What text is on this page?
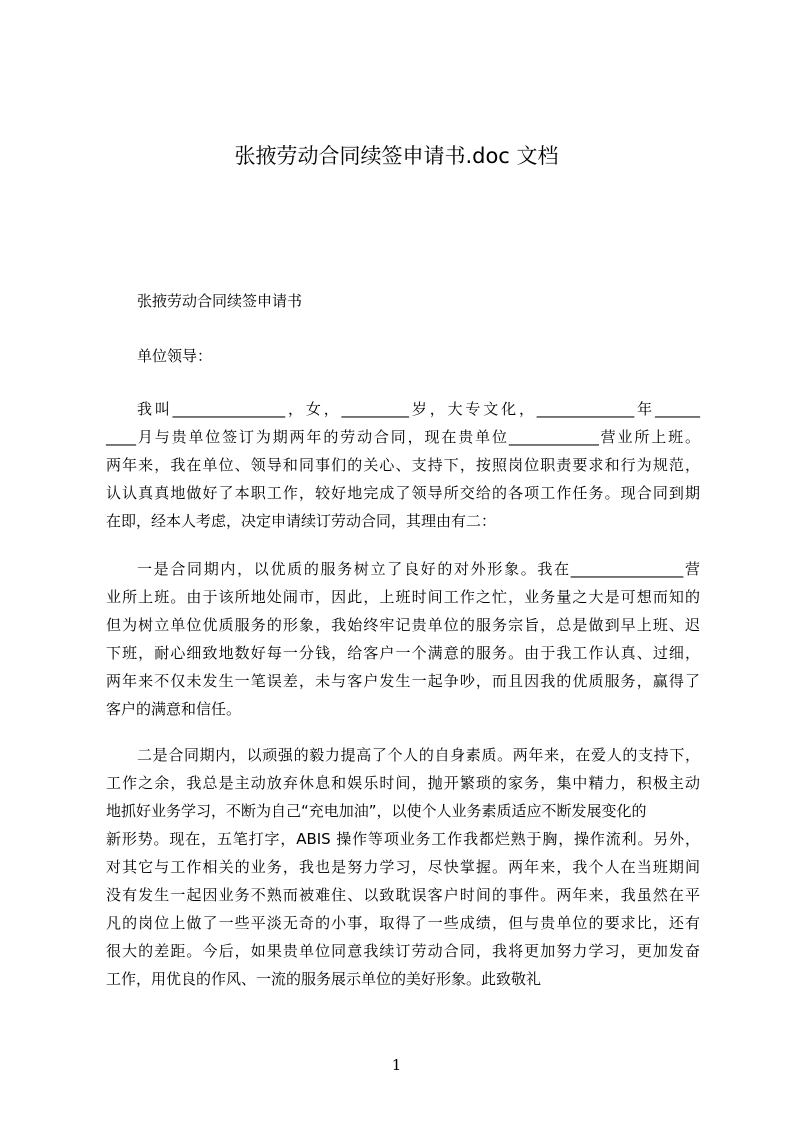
张掖劳动合同续签申请书.doc 文档
张掖劳动合同续签申请书
单位领导：
我叫_______________，女，_________岁，大专文化，_____________年______
____月与贵单位签订为期两年的劳动合同，现在贵单位____________营业所上班。
两年来，我在单位、领导和同事们的关心、支持下，按照岗位职责要求和行为规范，
认认真真地做好了本职工作，较好地完成了领导所交给的各项工作任务。现合同到期
在即，经本人考虑，决定申请续订劳动合同，其理由有二：
一是合同期内，以优质的服务树立了良好的对外形象。我在_______________营
业所上班。由于该所地处闹市，因此，上班时间工作之忙，业务量之大是可想而知的
但为树立单位优质服务的形象，我始终牢记贵单位的服务宗旨，总是做到早上班、迟
下班，耐心细致地数好每一分钱，给客户一个满意的服务。由于我工作认真、过细，
两年来不仅未发生一笔误差，未与客户发生一起争吵，而且因我的优质服务，赢得了
客户的满意和信任。
二是合同期内，以顽强的毅力提高了个人的自身素质。两年来，在爱人的支持下，
工作之余，我总是主动放弃休息和娱乐时间，抛开繁琐的家务，集中精力，积极主动
地抓好业务学习，不断为自己“充电加油”，以使个人业务素质适应不断发展变化的
新形势。现在，五笔打字，ABIS 操作等项业务工作我都烂熟于胸，操作流利。另外，
对其它与工作相关的业务，我也是努力学习，尽快掌握。两年来，我个人在当班期间
没有发生一起因业务不熟而被难住、以致耽误客户时间的事件。两年来，我虽然在平
凡的岗位上做了一些平淡无奇的小事，取得了一些成绩，但与贵单位的要求比，还有
很大的差距。今后，如果贵单位同意我续订劳动合同，我将更加努力学习，更加发奋
工作，用优良的作风、一流的服务展示单位的美好形象。此致敬礼
1
